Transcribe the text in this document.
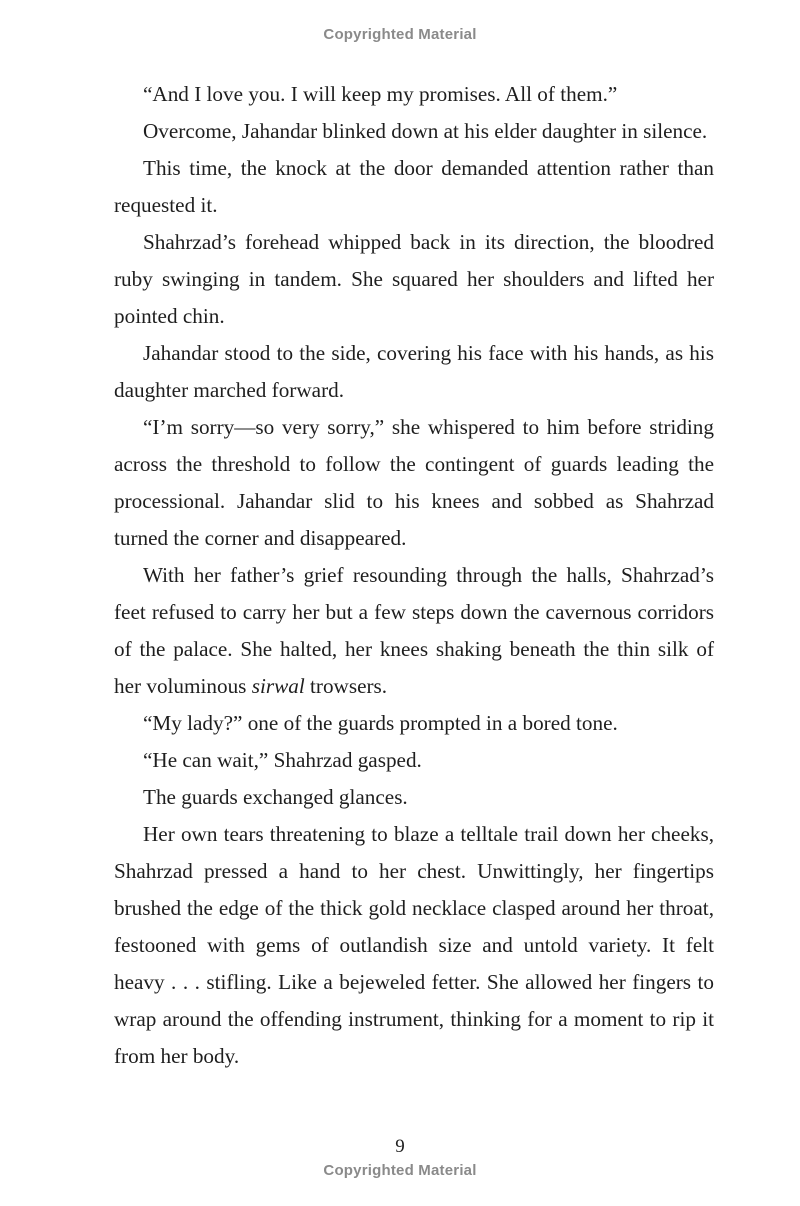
Copyrighted Material

“And I love you. I will keep my promises. All of them.”

Overcome, Jahandar blinked down at his elder daughter in silence.

This time, the knock at the door demanded attention rather than requested it.

Shahrzad’s forehead whipped back in its direction, the bloodred ruby swinging in tandem. She squared her shoulders and lifted her pointed chin.

Jahandar stood to the side, covering his face with his hands, as his daughter marched forward.

“I’m sorry—so very sorry,” she whispered to him before striding across the threshold to follow the contingent of guards leading the processional. Jahandar slid to his knees and sobbed as Shahrzad turned the corner and disappeared.

With her father’s grief resounding through the halls, Shahrzad’s feet refused to carry her but a few steps down the cavernous corridors of the palace. She halted, her knees shaking beneath the thin silk of her voluminous sirwal trowsers.

“My lady?” one of the guards prompted in a bored tone.

“He can wait,” Shahrzad gasped.

The guards exchanged glances.

Her own tears threatening to blaze a telltale trail down her cheeks, Shahrzad pressed a hand to her chest. Unwittingly, her fingertips brushed the edge of the thick gold necklace clasped around her throat, festooned with gems of outlandish size and untold variety. It felt heavy . . . stifling. Like a bejeweled fetter. She allowed her fingers to wrap around the offending instrument, thinking for a moment to rip it from her body.

9
Copyrighted Material
